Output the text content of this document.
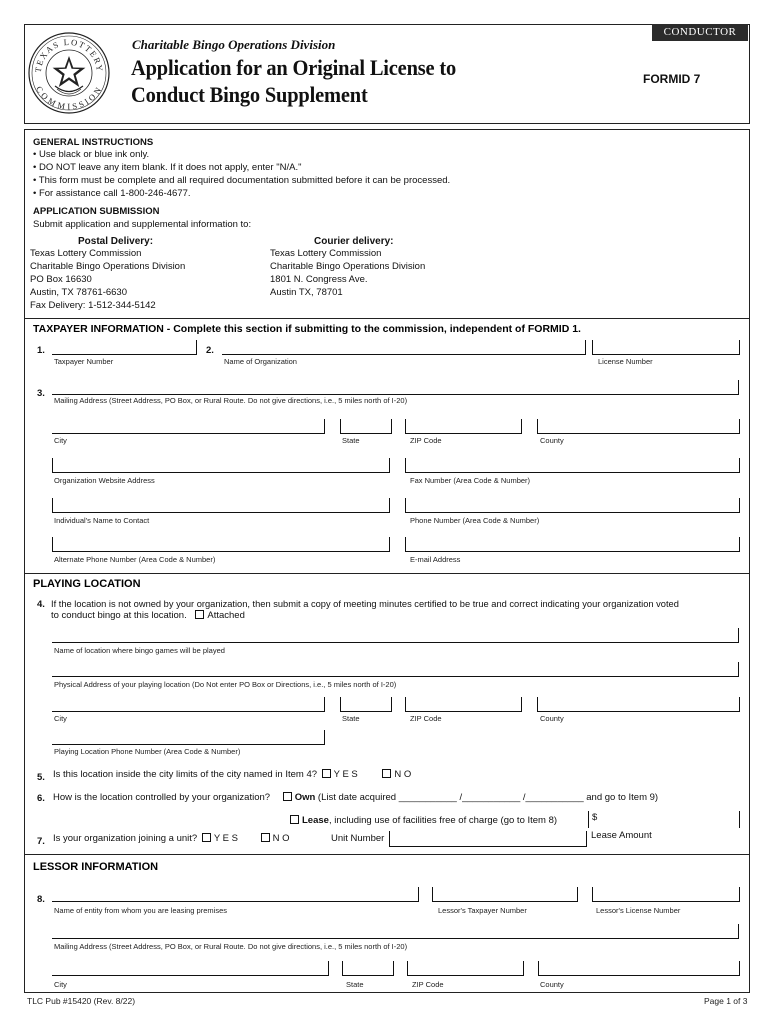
CONDUCTOR
TEXAS LOTTERY
COMMISSION
Charitable Bingo Operations Division
Application for an Original License to
Conduct Bingo Supplement
FORMID 7
GENERAL INSTRUCTIONS
• Use black or blue ink only.
• DO NOT leave any item blank. If it does not apply, enter "N/A."
• This form must be complete and all required documentation submitted before it can be processed.
• For assistance call 1-800-246-4677.
APPLICATION SUBMISSION
Submit application and supplemental information to:
Postal Delivery:
Texas Lottery Commission
Charitable Bingo Operations Division
PO Box 16630
Austin, TX 78761-6630
Fax Delivery: 1-512-344-5142
Courier delivery:
Texas Lottery Commission
Charitable Bingo Operations Division
1801 N. Congress Ave.
Austin TX, 78701
TAXPAYER INFORMATION - Complete this section if submitting to the commission, independent of FORMID 1.
1.
Taxpayer Number
2.
Name of Organization	License Number
3.
Mailing Address (Street Address, PO Box, or Rural Route. Do not give directions, i.e., 5 miles north of I-20)
City	State	ZIP Code	County
Organization Website Address	Fax Number (Area Code & Number)
Individual's Name to Contact	Phone Number (Area Code & Number)
Alternate Phone Number (Area Code & Number)	E-mail Address
PLAYING LOCATION
4. If the location is not owned by your organization, then submit a copy of meeting minutes certified to be true and correct indicating your organization voted
to conduct bingo at this location. Attached
Name of location where bingo games will be played
Physical Address of your playing location (Do Not enter PO Box or Directions, i.e., 5 miles north of I-20)
City	State	ZIP Code	County
Playing Location Phone Number (Area Code & Number)
5. Is this location inside the city limits of the city named in Item 4? Y E S	N O
6. How is the location controlled by your organization?	Own (List date acquired ___________ /___________ /___________ and go to Item 9)
Lease, including use of facilities free of charge (go to Item 8)	$
Lease Amount
7. Is your organization joining a unit? Y E S	N O	Unit Number
LESSOR INFORMATION
8.
Name of entity from whom you are leasing premises	Lessor's Taxpayer Number	Lessor's License Number
Mailing Address (Street Address, PO Box, or Rural Route. Do not give directions, i.e., 5 miles north of I-20)
City	State	ZIP Code	County
TLC Pub #15420 (Rev. 8/22)	Page 1 of 3
